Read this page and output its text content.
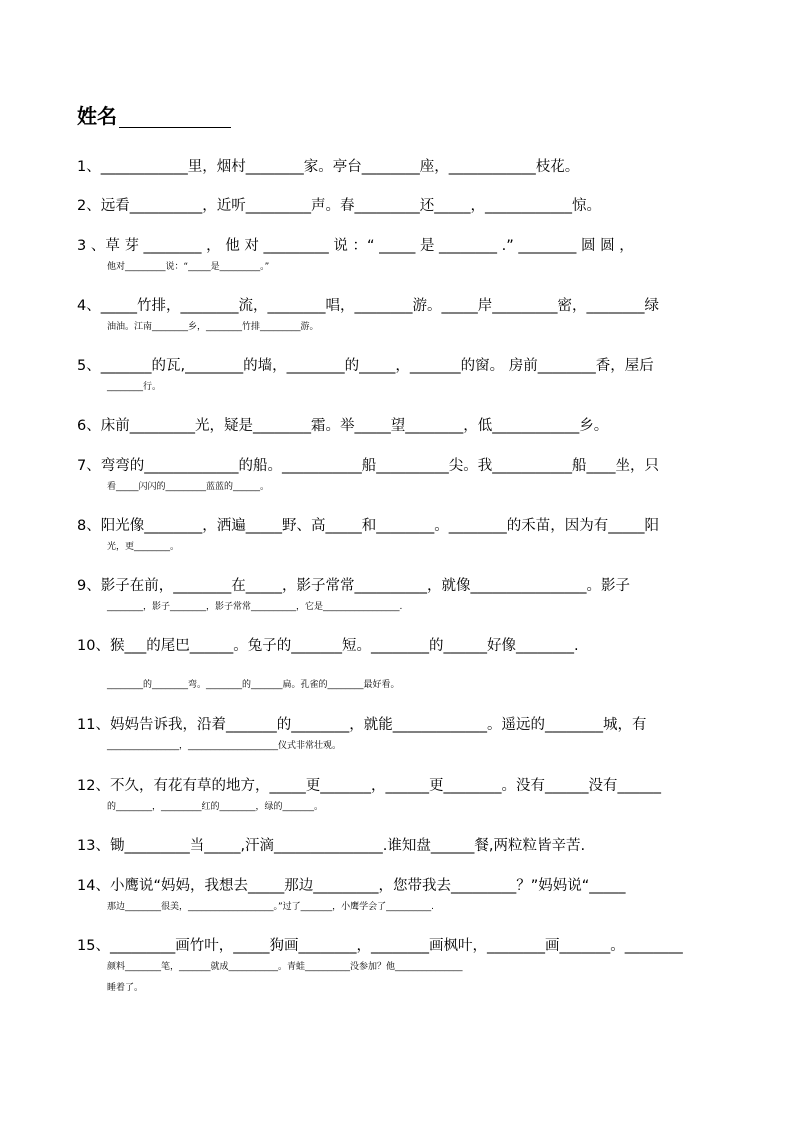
姓名
1、____________里，烟村________家。亭台________座，____________枝花。
2、远看__________，近听_________声。春_________还_____，____________惊。
3 、草 芽 ________ ， 他 对 _________ 说 ：“ _____ 是 ________ .” ________ 圆 圆 ，
他对_________说：“_____是_________。”
4、_____竹排，________流，________唱，________游。_____岸_________密，________绿
油油。江南________乡，________竹排_________游。
5、_______的瓦,________的墙，________的_____，_______的窗。 房前________香，屋后
________行。
6、床前_________光，疑是________霜。举_____望________，低____________乡。
7、弯弯的_____________的船。___________船__________尖。我___________船____坐，只
看_____闪闪的_________蓝蓝的______。
8、阳光像________，洒遍_____野、高_____和________。________的禾苗，因为有_____阳
光，更________。
9、影子在前，________在_____，影子常常__________，就像________________。影子
________，影子________，影子常常__________，它是_________________.
10、猴___的尾巴______。兔子的_______短。________的______好像________.
________的________弯。________的_______扁。孔雀的________最好看。
11、妈妈告诉我，沿着_______的________，就能_____________。遥远的________城，有
________________，____________________仪式非常壮观。
12、不久，有花有草的地方，_____更_______，______更________。没有______没有______
的________，_________红的________，绿的_______。
13、锄_________当_____,汗滴_______________.谁知盘______餐,两粒粒皆辛苦.
14、小鹰说“妈妈，我想去_____那边_________，您带我去_________？”妈妈说“_____
那边________很美，___________________。”过了_______，小鹰学会了__________.
15、_________画竹叶，_____狗画________，________画枫叶，________画_______。________
颜料________笔，_______就成___________。青蛙__________没参加？他_______________
睡着了。
